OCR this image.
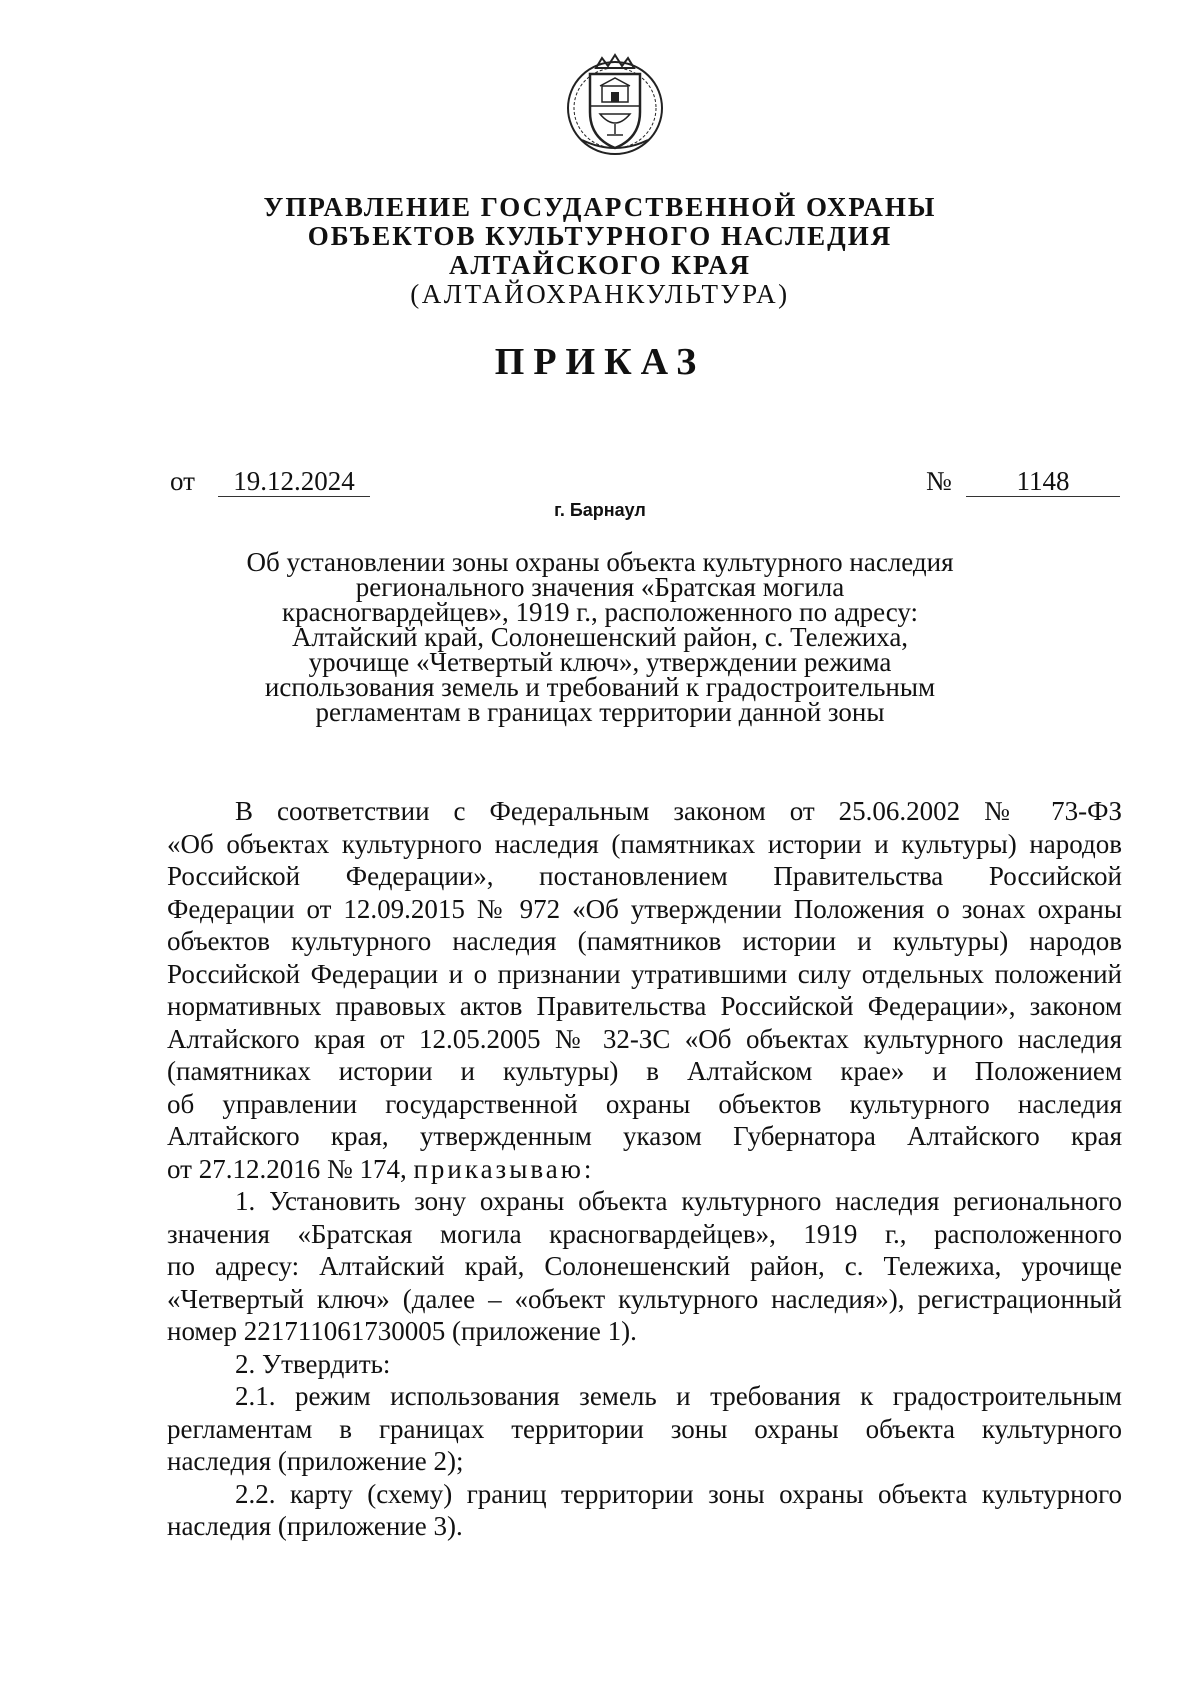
УПРАВЛЕНИЕ ГОСУДАРСТВЕННОЙ ОХРАНЫ
ОБЪЕКТОВ КУЛЬТУРНОГО НАСЛЕДИЯ
АЛТАЙСКОГО КРАЯ
(АЛТАЙОХРАНКУЛЬТУРА)
ПРИКАЗ
от	19.12.2024	№	1148
г. Барнаул
Об установлении зоны охраны объекта культурного наследия
регионального значения «Братская могила
красногвардейцев», 1919 г., расположенного по адресу:
Алтайский край, Солонешенский район, с. Тележиха,
урочище «Четвертый ключ», утверждении режима
использования земель и требований к градостроительным
регламентам в границах территории данной зоны
В соответствии с Федеральным законом от 25.06.2002 № 73-ФЗ
«Об объектах культурного наследия (памятниках истории и культуры) народов
Российской Федерации», постановлением Правительства Российской
Федерации от 12.09.2015 № 972 «Об утверждении Положения о зонах охраны
объектов культурного наследия (памятников истории и культуры) народов
Российской Федерации и о признании утратившими силу отдельных положений
нормативных правовых актов Правительства Российской Федерации», законом
Алтайского края от 12.05.2005 № 32-ЗС «Об объектах культурного наследия
(памятниках истории и культуры) в Алтайском крае» и Положением
об управлении государственной охраны объектов культурного наследия
Алтайского края, утвержденным указом Губернатора Алтайского края
от 27.12.2016 № 174, приказываю:
1. Установить зону охраны объекта культурного наследия регионального
значения «Братская могила красногвардейцев», 1919 г., расположенного
по адресу: Алтайский край, Солонешенский район, с. Тележиха, урочище
«Четвертый ключ» (далее – «объект культурного наследия»), регистрационный
номер 221711061730005 (приложение 1).
2. Утвердить:
2.1. режим использования земель и требования к градостроительным
регламентам в границах территории зоны охраны объекта культурного
наследия (приложение 2);
2.2. карту (схему) границ территории зоны охраны объекта культурного
наследия (приложение 3).
